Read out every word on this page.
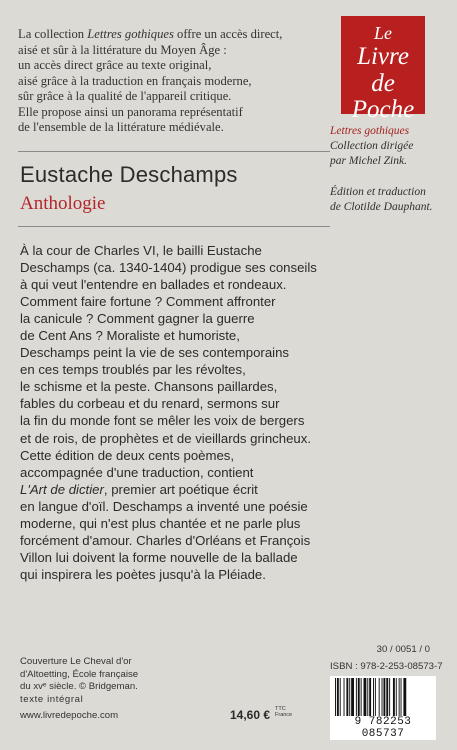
La collection Lettres gothiques offre un accès direct,
aisé et sûr à la littérature du Moyen Âge :
un accès direct grâce au texte original,
aisé grâce à la traduction en français moderne,
sûr grâce à la qualité de l'appareil critique.
Elle propose ainsi un panorama représentatif
de l'ensemble de la littérature médiévale.
Le
Livre
de Poche
Lettres gothiques
Collection dirigée
par Michel Zink.
Édition et traduction
de Clotilde Dauphant.
Eustache Deschamps
Anthologie
À la cour de Charles VI, le bailli Eustache
Deschamps (ca. 1340-1404) prodigue ses conseils
à qui veut l'entendre en ballades et rondeaux.
Comment faire fortune ? Comment affronter
la canicule ? Comment gagner la guerre
de Cent Ans ? Moraliste et humoriste,
Deschamps peint la vie de ses contemporains
en ces temps troublés par les révoltes,
le schisme et la peste. Chansons paillardes,
fables du corbeau et du renard, sermons sur
la fin du monde font se mêler les voix de bergers
et de rois, de prophètes et de vieillards grincheux.
Cette édition de deux cents poèmes,
accompagnée d'une traduction, contient
L'Art de dictier, premier art poétique écrit
en langue d'oïl. Deschamps a inventé une poésie
moderne, qui n'est plus chantée et ne parle plus
forcément d'amour. Charles d'Orléans et François
Villon lui doivent la forme nouvelle de la ballade
qui inspirera les poètes jusqu'à la Pléiade.
Couverture Le Cheval d'or
d'Altoetting, École française
du xvᵉ siècle. © Bridgeman.
texte intégral
www.livredepoche.com	14,60 € TTC
France
30 / 0051 / 0
ISBN : 978-2-253-08573-7
9 782253 085737
